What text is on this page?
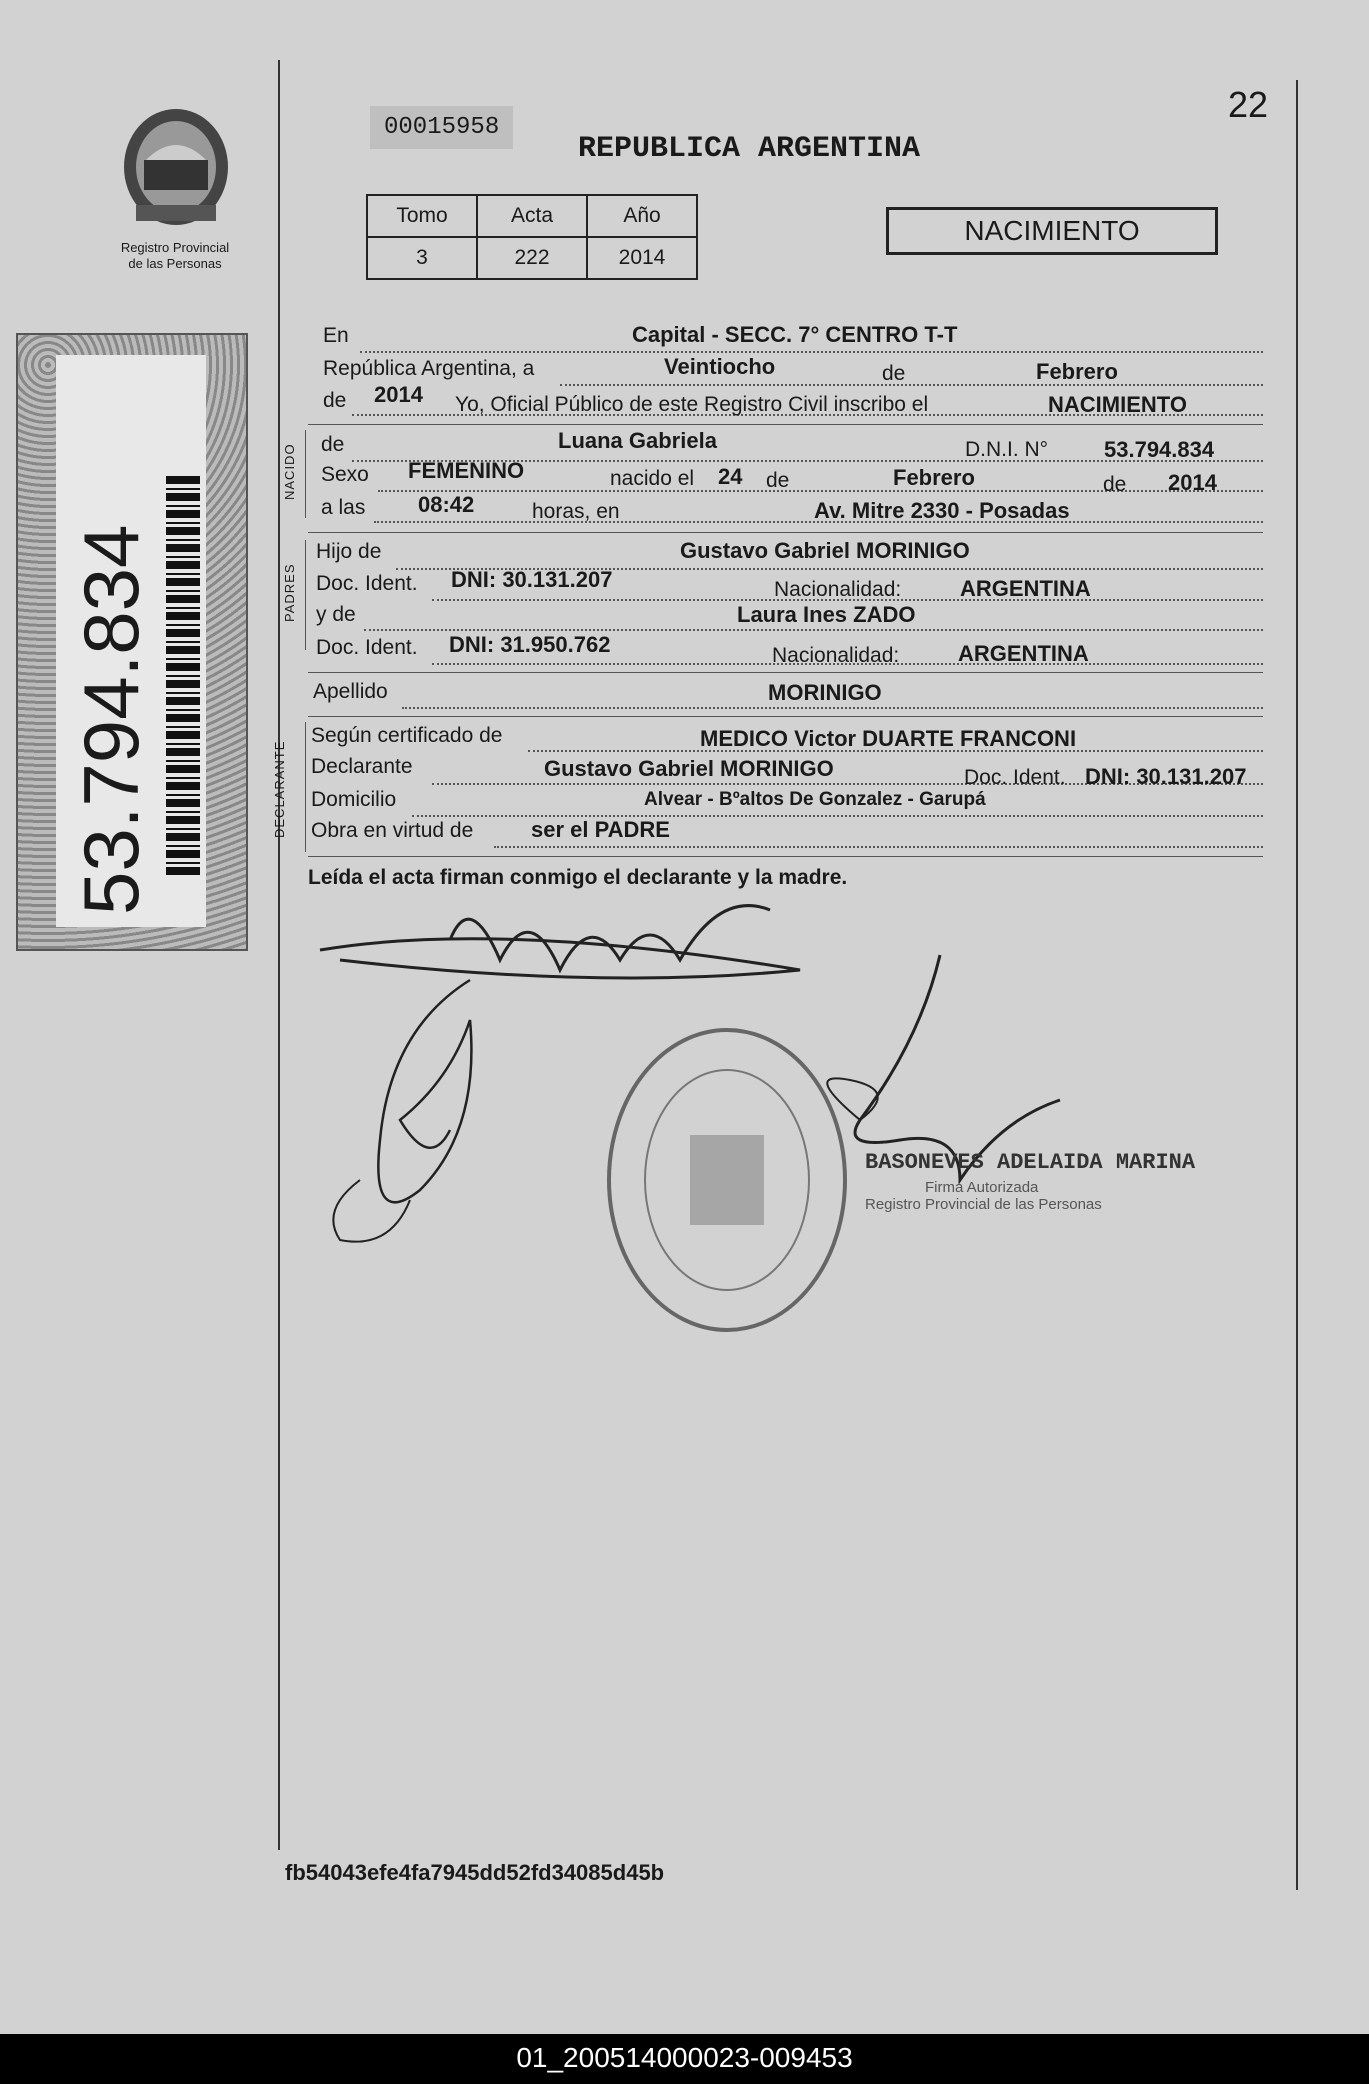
Registro Provincial
de las Personas
53.794.834
00015958
REPUBLICA ARGENTINA
22
Tomo	Acta	Año
3	222	2014
NACIMIENTO
En	Capital - SECC. 7° CENTRO T-T
República Argentina, a	Veintiocho	de	Febrero
de 2014 Yo, Oficial Público de este Registro Civil inscribo el	NACIMIENTO
NACIDO de	Luana Gabriela	D.N.I. N°	53.794.834
Sexo FEMENINO	nacido el 24 de	Febrero	de 2014
a las 08:42	horas, en	Av. Mitre 2330 - Posadas
PADRES
Hijo de	Gustavo Gabriel MORINIGO
Doc. Ident. DNI: 30.131.207	Nacionalidad:	ARGENTINA
y de	Laura Ines ZADO
Doc. Ident. DNI: 31.950.762	Nacionalidad:	ARGENTINA
Apellido	MORINIGO
DECLARANTE
Según certificado de	MEDICO Victor DUARTE FRANCONI
Declarante	Gustavo Gabriel MORINIGO	Doc. Ident. DNI: 30.131.207
Domicilio	Alvear - Bºaltos De Gonzalez - Garupá
Obra en virtud de	ser el PADRE
Leída el acta firman conmigo el declarante y la madre.
BASONEVES ADELAIDA MARINA
Firma Autorizada
Registro Provincial de las Personas
fb54043efe4fa7945dd52fd34085d45b
01_200514000023-009453
